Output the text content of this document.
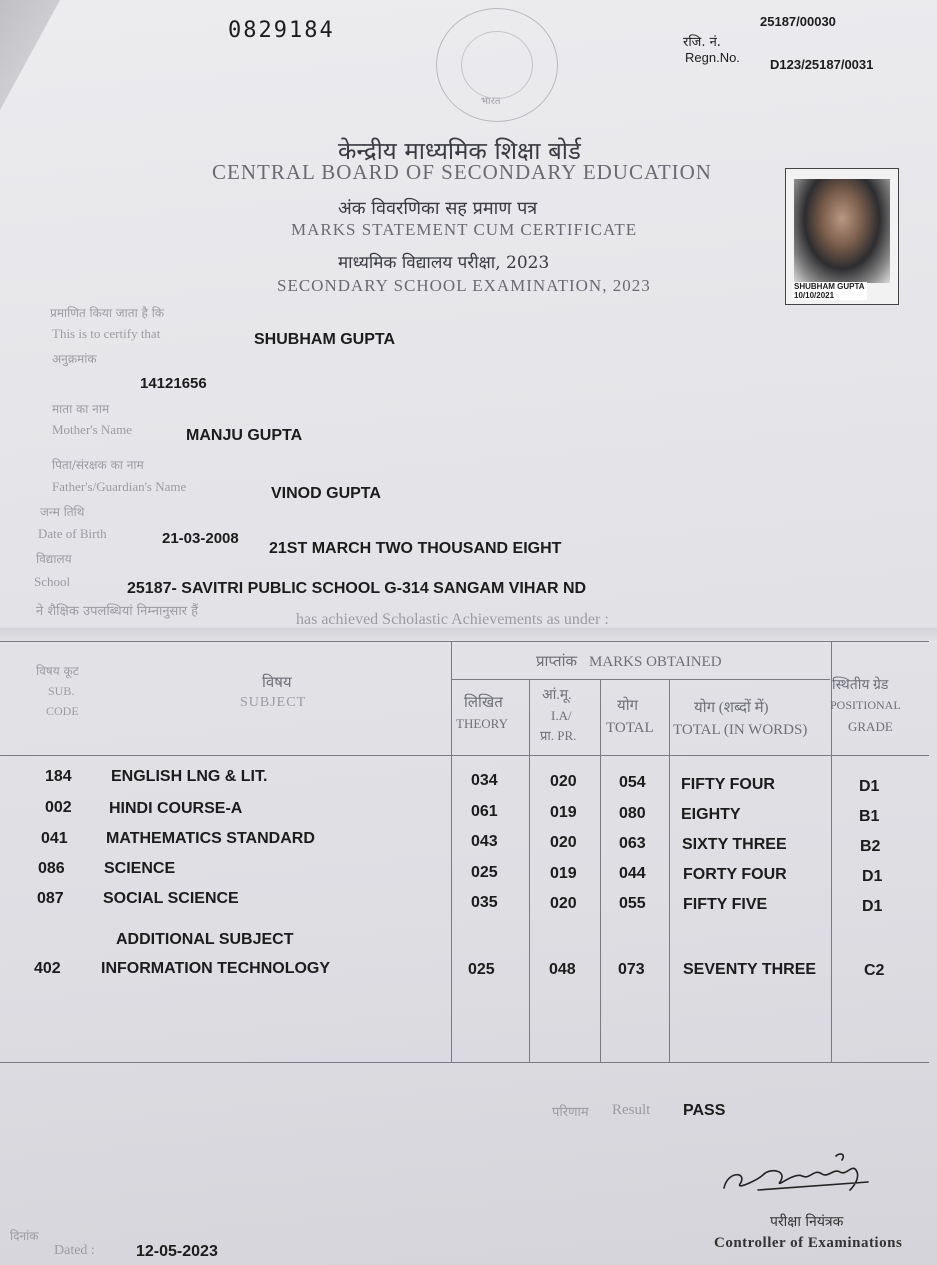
0829184	25187/00030
रजि. नं.
Regn.No. D123/25187/0031
भारत
केन्द्रीय माध्यमिक शिक्षा बोर्ड
CENTRAL BOARD OF SECONDARY EDUCATION
अंक विवरणिका सह प्रमाण पत्र
MARKS STATEMENT CUM CERTIFICATE
माध्यमिक विद्यालय परीक्षा, 2023
SECONDARY SCHOOL EXAMINATION, 2023	SHUBHAM GUPTA
10/10/2021
प्रमाणित किया जाता है कि
This is to certify that	SHUBHAM GUPTA
अनुक्रमांक
14121656
माता का नाम
Mother's Name	MANJU GUPTA
पिता/संरक्षक का नाम
Father's/Guardian's Name	VINOD GUPTA
जन्म तिथि
Date of Birth	21-03-2008
21ST MARCH TWO THOUSAND EIGHT
विद्यालय
School	25187- SAVITRI PUBLIC SCHOOL G-314 SANGAM VIHAR ND
ने शैक्षिक उपलब्धियां निम्नानुसार हैं	has achieved Scholastic Achievements as under :
विषय कूट
SUB.
CODE
विषय
SUBJECT
प्राप्तांक MARKS OBTAINED
लिखित
THEORY
आं.मू.
I.A/
प्रा. PR.
योग
TOTAL
योग (शब्दों में)
TOTAL (IN WORDS)
स्थितीय ग्रेड
POSITIONAL
GRADE
184 ENGLISH LNG & LIT.	034	020	054 FIFTY FOUR	D1
002 HINDI COURSE-A	061	019	080 EIGHTY	B1
041 MATHEMATICS STANDARD	043	020	063 SIXTY THREE	B2
086 SCIENCE	025	019	044 FORTY FOUR	D1
087 SOCIAL SCIENCE	035	020	055 FIFTY FIVE	D1
ADDITIONAL SUBJECT
402	INFORMATION TECHNOLOGY	025	048	073 SEVENTY THREE	C2
परिणाम Result PASS
परीक्षा नियंत्रक
Controller of Examinations
दिनांक
Dated :	12-05-2023
